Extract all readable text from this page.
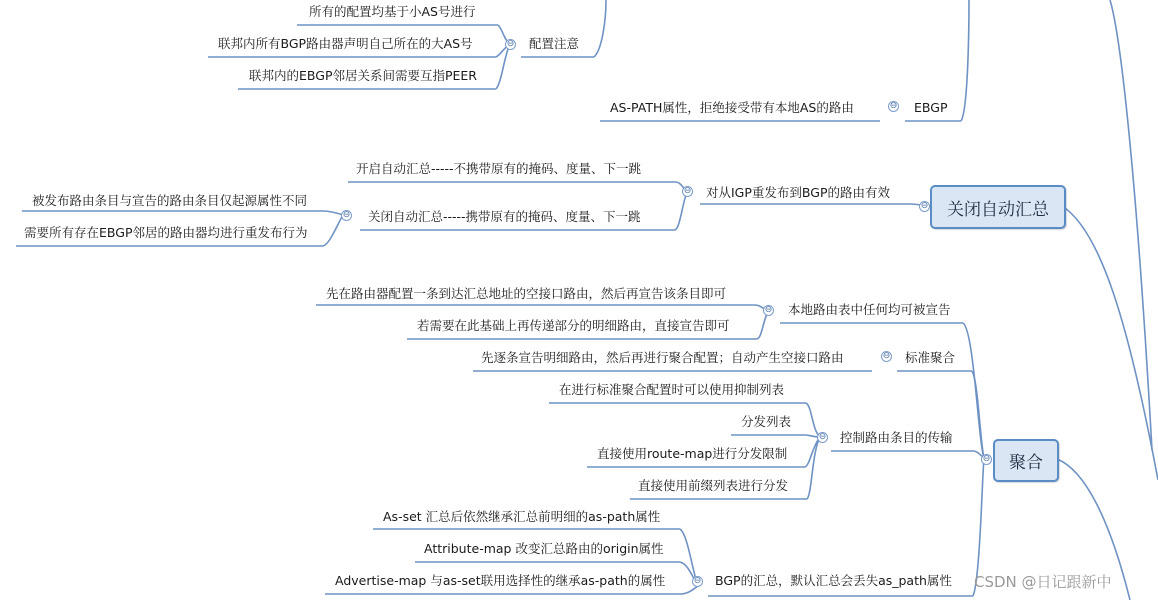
所有的配置均基于小AS号进行
联邦内所有BGP路由器声明自己所在的大AS号
联邦内的EBGP邻居关系间需要互指PEER
⊖ 配置注意
AS-PATH属性，拒绝接受带有本地AS的路由	⊖ EBGP
开启自动汇总-----不携带原有的掩码、度量、下一跳
被发布路由条目与宣告的路由条目仅起源属性不同
需要所有存在EBGP邻居的路由器均进行重发布行为
⊖ 关闭自动汇总-----携带原有的掩码、度量、下一跳
⊖ 对从IGP重发布到BGP的路由有效
⊖	关闭自动汇总
先在路由器配置一条到达汇总地址的空接口路由，然后再宣告该条目即可
若需要在此基础上再传递部分的明细路由，直接宣告即可
⊖ 本地路由表中任何均可被宣告
先逐条宣告明细路由，然后再进行聚合配置；自动产生空接口路由	⊖ 标准聚合
在进行标准聚合配置时可以使用抑制列表
分发列表
直接使用route-map进行分发限制
直接使用前缀列表进行分发
⊖ 控制路由条目的传输
⊖	聚合
As-set 汇总后依然继承汇总前明细的as-path属性
Attribute-map 改变汇总路由的origin属性
Advertise-map 与as-set联用选择性的继承as-path的属性	⊖ BGP的汇总，默认汇总会丢失as_path属性 CSDN @日记跟新中
